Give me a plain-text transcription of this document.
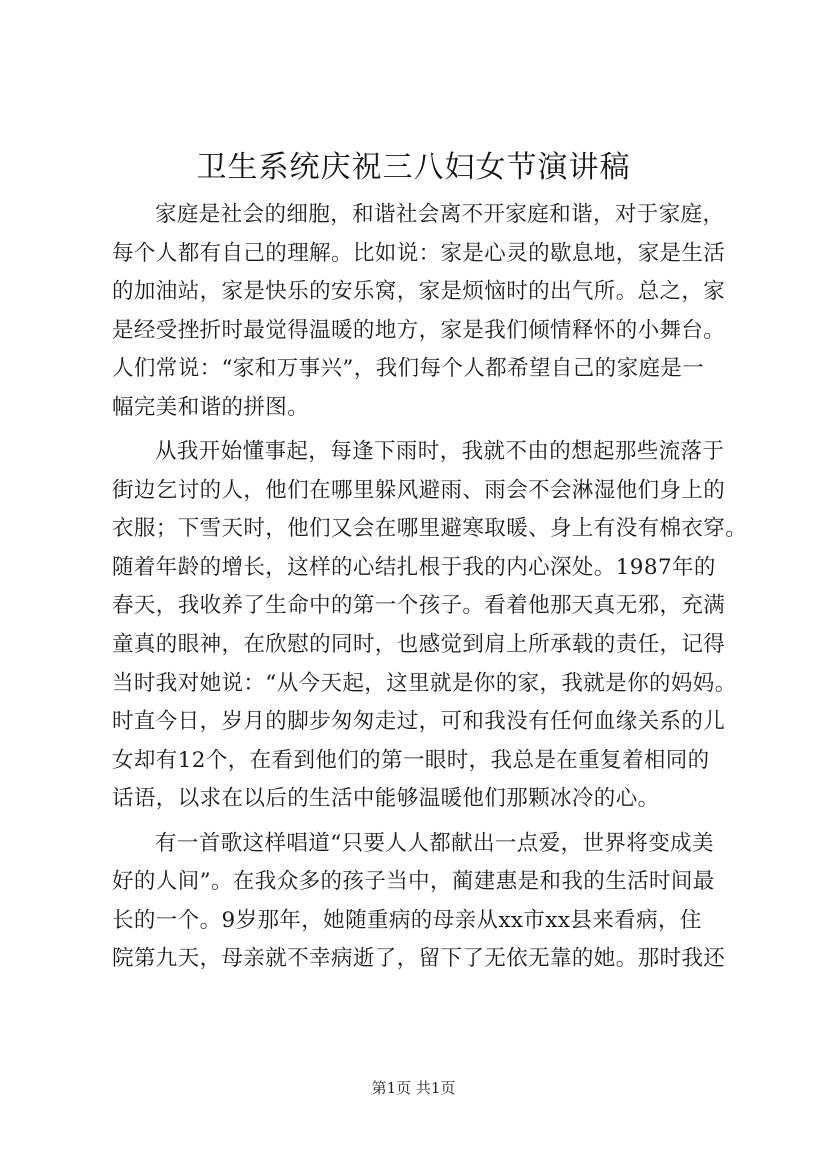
卫生系统庆祝三八妇女节演讲稿
家庭是社会的细胞，和谐社会离不开家庭和谐，对于家庭，
每个人都有自己的理解。比如说：家是心灵的歇息地，家是生活
的加油站，家是快乐的安乐窝，家是烦恼时的出气所。总之，家
是经受挫折时最觉得温暖的地方，家是我们倾情释怀的小舞台。
人们常说：“家和万事兴”，我们每个人都希望自己的家庭是一
幅完美和谐的拼图。
从我开始懂事起，每逢下雨时，我就不由的想起那些流落于
街边乞讨的人，他们在哪里躲风避雨、雨会不会淋湿他们身上的
衣服；下雪天时，他们又会在哪里避寒取暖、身上有没有棉衣穿。
随着年龄的增长，这样的心结扎根于我的内心深处。1987年的
春天，我收养了生命中的第一个孩子。看着他那天真无邪，充满
童真的眼神，在欣慰的同时，也感觉到肩上所承载的责任，记得
当时我对她说：“从今天起，这里就是你的家，我就是你的妈妈。
时直今日，岁月的脚步匆匆走过，可和我没有任何血缘关系的儿
女却有12个，在看到他们的第一眼时，我总是在重复着相同的
话语，以求在以后的生活中能够温暖他们那颗冰冷的心。
有一首歌这样唱道“只要人人都献出一点爱，世界将变成美
好的人间”。在我众多的孩子当中，蔺建惠是和我的生活时间最
长的一个。9岁那年，她随重病的母亲从xx市xx县来看病，住
院第九天，母亲就不幸病逝了，留下了无依无靠的她。那时我还
第1页 共1页
